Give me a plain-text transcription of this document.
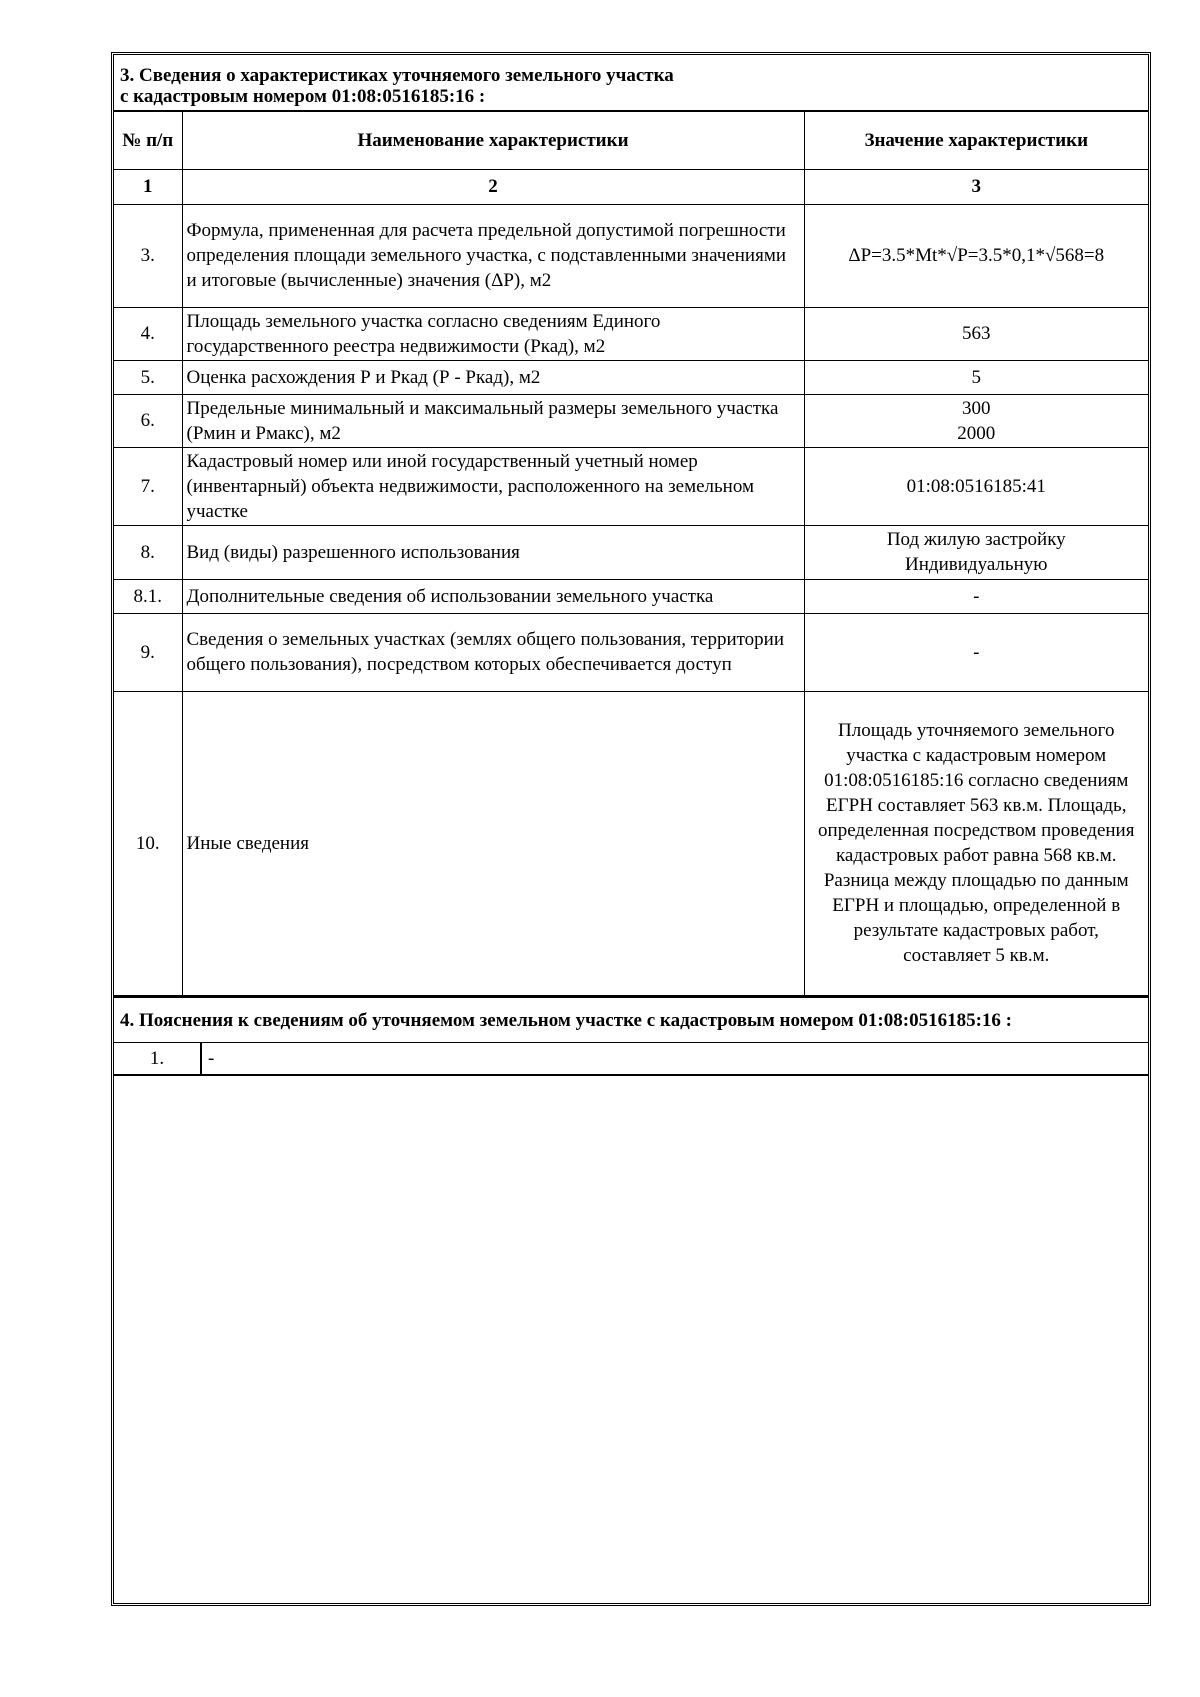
3. Сведения о характеристиках уточняемого земельного участка
с кадастровым номером 01:08:0516185:16 :
№ п/п	Наименование характеристики	Значение характеристики
1	2	3
3.	Формула, примененная для расчета предельной допустимой погрешности определения площади земельного участка, с подставленными значениями и итоговые (вычисленные) значения (ΔP), м2	ΔP=3.5*Mt*√P=3.5*0,1*√568=8
4.	Площадь земельного участка согласно сведениям Единого государственного реестра недвижимости (Ркад), м2	563
5.	Оценка расхождения Р и Ркад (Р - Ркад), м2	5
6.	Предельные минимальный и максимальный размеры земельного участка (Рмин и Рмакс), м2	300
2000

7.	Кадастровый номер или иной государственный учетный номер (инвентарный) объекта недвижимости, расположенного на земельном участке	01:08:0516185:41
8.	Вид (виды) разрешенного использования	Под жилую застройку
Индивидуальную

8.1.	Дополнительные сведения об использовании земельного участка	-
9.	Сведения о земельных участках (землях общего пользования, территории общего пользования), посредством которых обеспечивается доступ	-
10.	Иные сведения	Площадь уточняемого земельного участка с кадастровым номером 01:08:0516185:16 согласно сведениям ЕГРН составляет 563 кв.м. Площадь, определенная посредством проведения кадастровых работ равна 568 кв.м. Разница между площадью по данным ЕГРН и площадью, определенной в результате кадастровых работ, составляет 5 кв.м.
4. Пояснения к сведениям об уточняемом земельном участке с кадастровым номером 01:08:0516185:16 :
1.	-
